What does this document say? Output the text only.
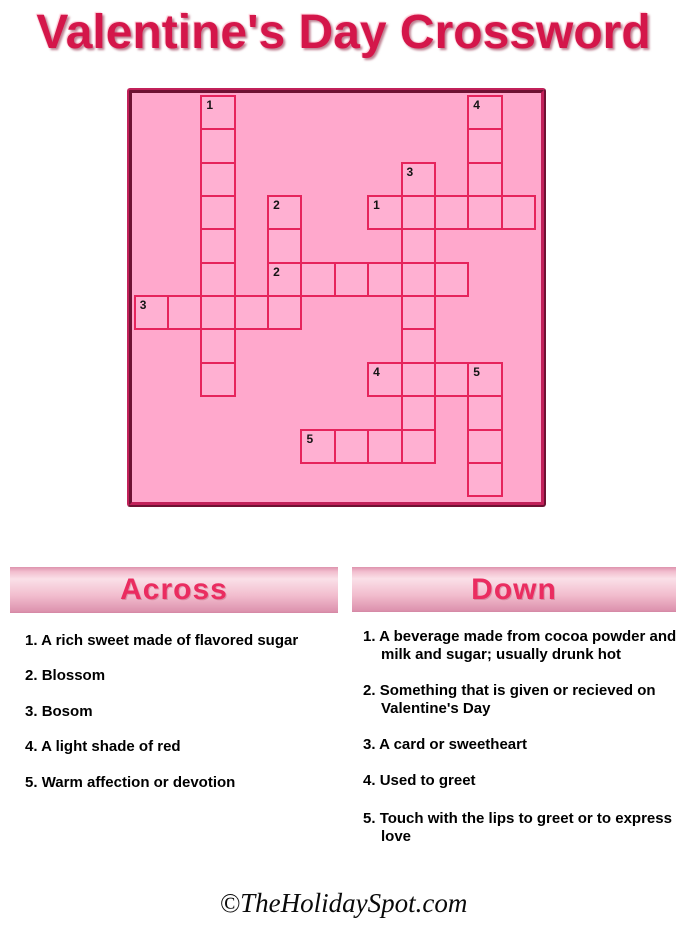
Valentine's Day Crossword
1
2
2
3
4
5
1
3
4
5
Across	Down
1. A rich sweet made of flavored sugar
2. Blossom
3. Bosom
4. A light shade of red
5. Warm affection or devotion
1. A beverage made from cocoa powder and milk and sugar; usually drunk hot
2. Something that is given or recieved on Valentine's Day
3. A card or sweetheart
4. Used to greet
5. Touch with the lips to greet or to express love
©TheHolidaySpot.com
